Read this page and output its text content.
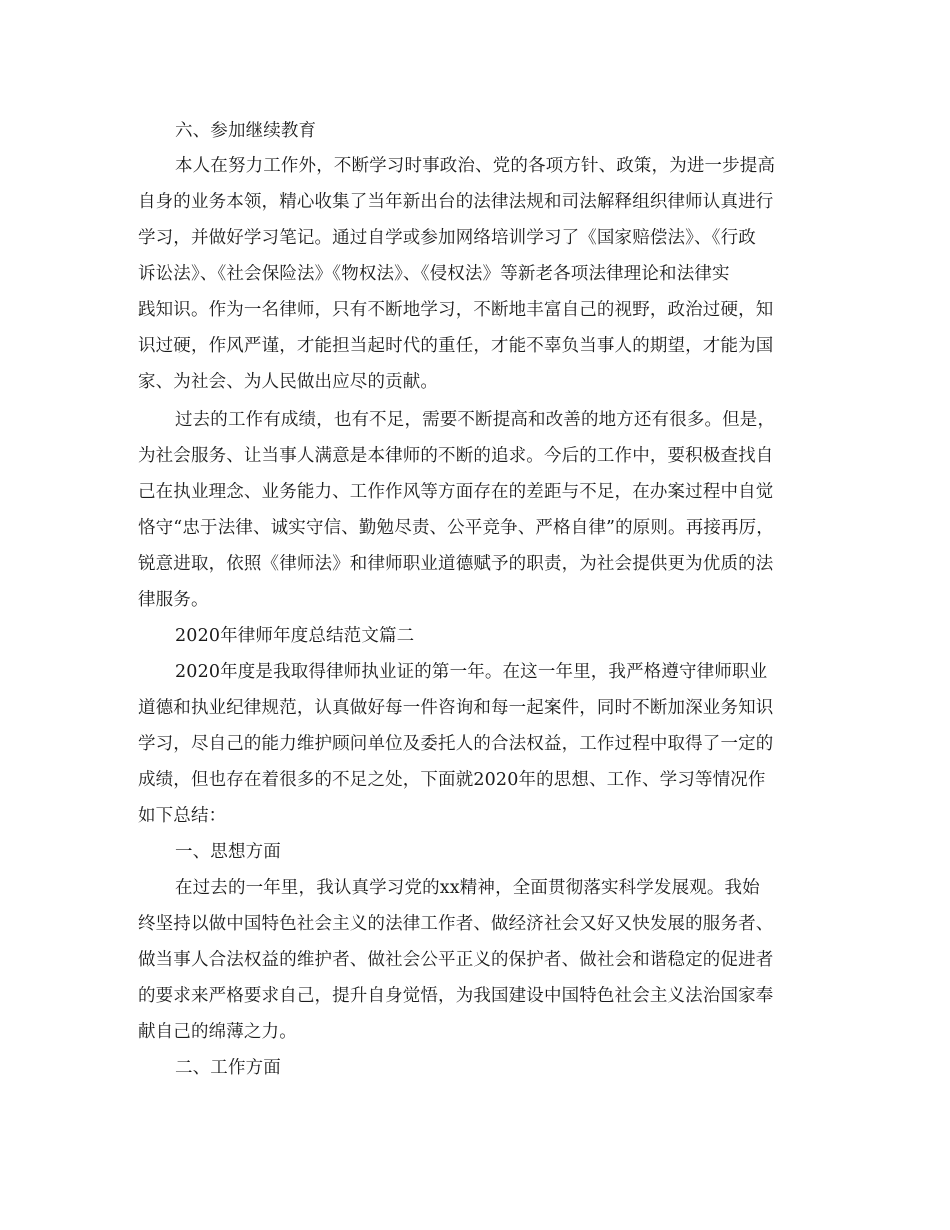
六、参加继续教育
本人在努力工作外，不断学习时事政治、党的各项方针、政策，为进一步提高
自身的业务本领，精心收集了当年新出台的法律法规和司法解释组织律师认真进行
学习，并做好学习笔记。通过自学或参加网络培训学习了《国家赔偿法》、《行政
诉讼法》、《社会保险法》《物权法》、《侵权法》等新老各项法律理论和法律实
践知识。作为一名律师，只有不断地学习，不断地丰富自己的视野，政治过硬，知
识过硬，作风严谨，才能担当起时代的重任，才能不辜负当事人的期望，才能为国
家、为社会、为人民做出应尽的贡献。
过去的工作有成绩，也有不足，需要不断提高和改善的地方还有很多。但是，
为社会服务、让当事人满意是本律师的不断的追求。今后的工作中，要积极查找自
己在执业理念、业务能力、工作作风等方面存在的差距与不足，在办案过程中自觉
恪守“忠于法律、诚实守信、勤勉尽责、公平竞争、严格自律”的原则。再接再厉，
锐意进取，依照《律师法》和律师职业道德赋予的职责，为社会提供更为优质的法
律服务。
2020年律师年度总结范文篇二
2020年度是我取得律师执业证的第一年。在这一年里，我严格遵守律师职业
道德和执业纪律规范，认真做好每一件咨询和每一起案件，同时不断加深业务知识
学习，尽自己的能力维护顾问单位及委托人的合法权益，工作过程中取得了一定的
成绩，但也存在着很多的不足之处，下面就2020年的思想、工作、学习等情况作
如下总结：
一、思想方面
在过去的一年里，我认真学习党的xx精神，全面贯彻落实科学发展观。我始
终坚持以做中国特色社会主义的法律工作者、做经济社会又好又快发展的服务者、
做当事人合法权益的维护者、做社会公平正义的保护者、做社会和谐稳定的促进者
的要求来严格要求自己，提升自身觉悟，为我国建设中国特色社会主义法治国家奉
献自己的绵薄之力。
二、工作方面
